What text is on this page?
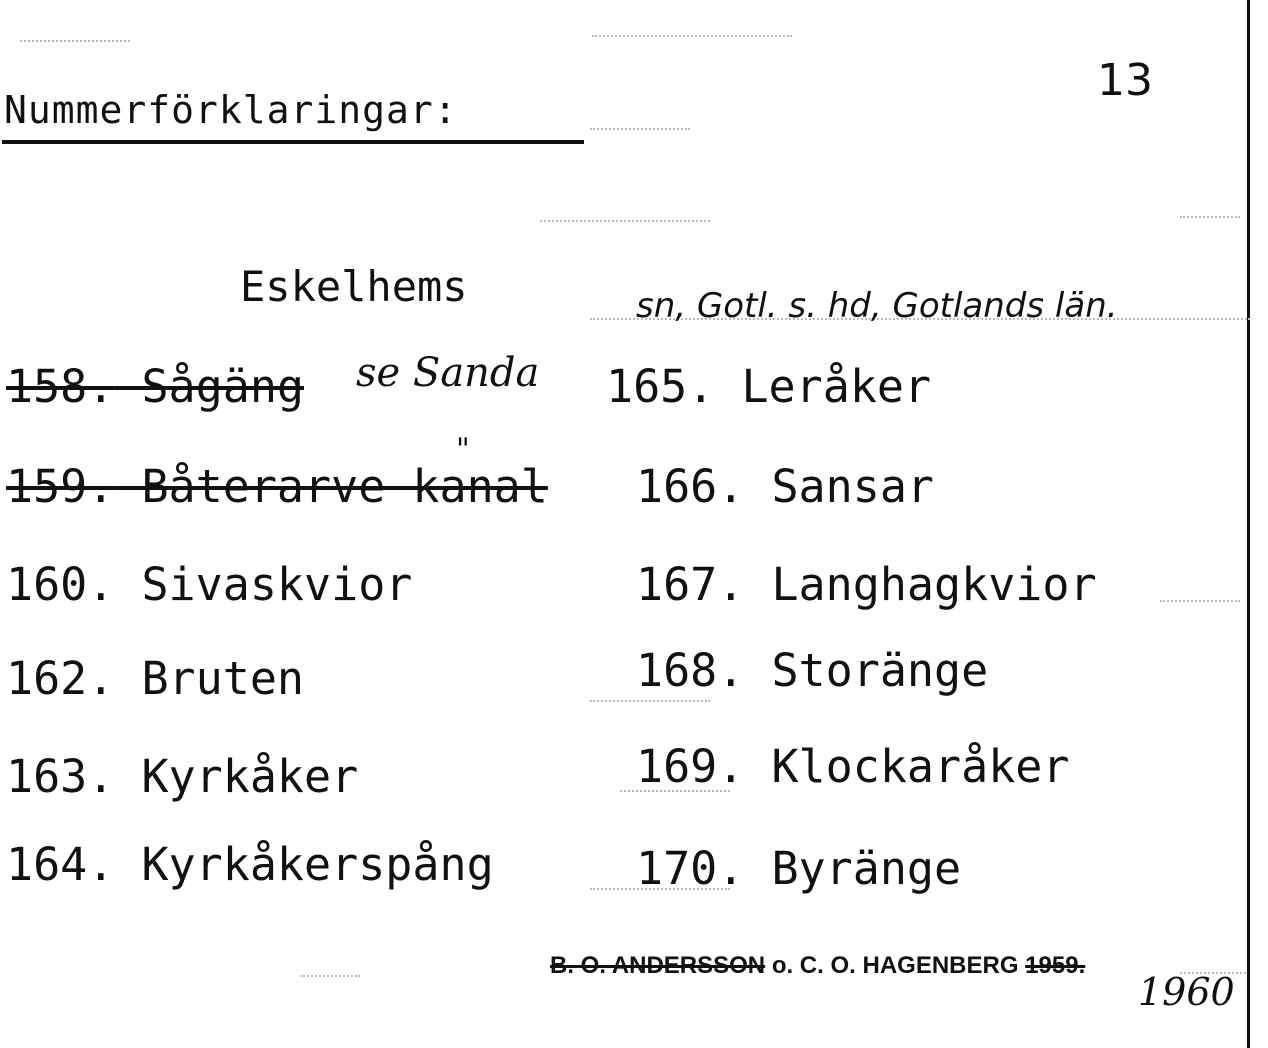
Nummerförklaringar:
13
Eskelhems	sn, Gotl. s. hd, Gotlands län.
158. Sågäng se Sanda
159. Båterarve kanal
"
160. Sivaskvior
162. Bruten
163. Kyrkåker
164. Kyrkåkerspång
165. Leråker
166. Sansar
167. Langhagkvior
168. Storänge
169. Klockaråker
170. Byränge
B. O. ANDERSSON o. C. O. HAGENBERG 1959.
1960
